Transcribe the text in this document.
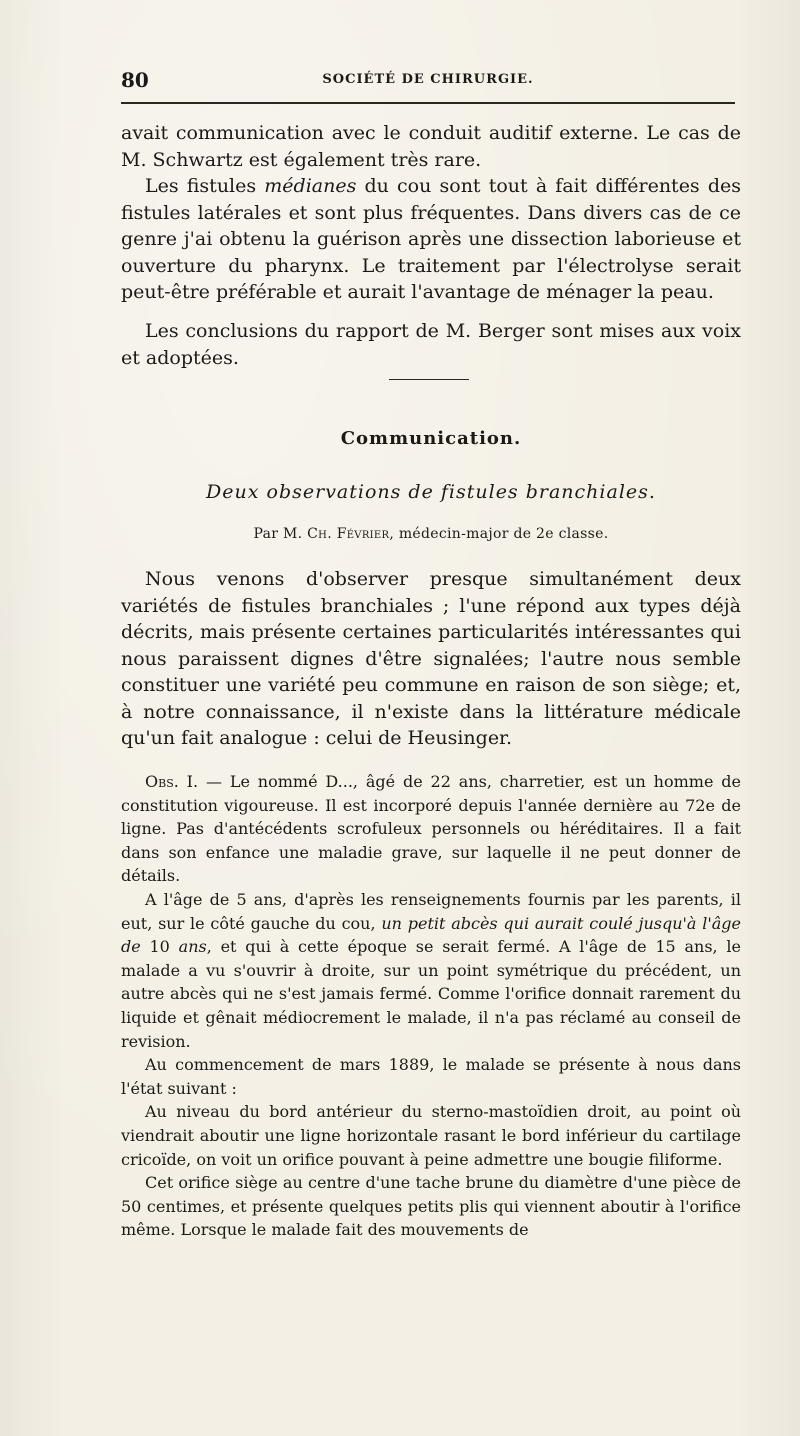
80	SOCIÉTÉ DE CHIRURGIE.

avait communication avec le conduit auditif externe. Le cas de M. Schwartz est également très rare.

Les fistules médianes du cou sont tout à fait différentes des fistules latérales et sont plus fréquentes. Dans divers cas de ce genre j'ai obtenu la guérison après une dissection laborieuse et ouverture du pharynx. Le traitement par l'électrolyse serait peut-être préférable et aurait l'avantage de ménager la peau.

Les conclusions du rapport de M. Berger sont mises aux voix et adoptées.

Communication.
Deux observations de fistules branchiales.
Par M. Ch. Février, médecin-major de 2e classe.

Nous venons d'observer presque simultanément deux variétés de fistules branchiales ; l'une répond aux types déjà décrits, mais présente certaines particularités intéressantes qui nous paraissent dignes d'être signalées; l'autre nous semble constituer une variété peu commune en raison de son siège; et, à notre connaissance, il n'existe dans la littérature médicale qu'un fait analogue : celui de Heusinger.

Obs. I. — Le nommé D..., âgé de 22 ans, charretier, est un homme de constitution vigoureuse. Il est incorporé depuis l'année dernière au 72e de ligne. Pas d'antécédents scrofuleux personnels ou héréditaires. Il a fait dans son enfance une maladie grave, sur laquelle il ne peut donner de détails.

A l'âge de 5 ans, d'après les renseignements fournis par les parents, il eut, sur le côté gauche du cou, un petit abcès qui aurait coulé jusqu'à l'âge de 10 ans, et qui à cette époque se serait fermé. A l'âge de 15 ans, le malade a vu s'ouvrir à droite, sur un point symétrique du précédent, un autre abcès qui ne s'est jamais fermé. Comme l'orifice donnait rarement du liquide et gênait médiocrement le malade, il n'a pas réclamé au conseil de revision.

Au commencement de mars 1889, le malade se présente à nous dans l'état suivant :

Au niveau du bord antérieur du sterno-mastoïdien droit, au point où viendrait aboutir une ligne horizontale rasant le bord inférieur du cartilage cricoïde, on voit un orifice pouvant à peine admettre une bougie filiforme.

Cet orifice siège au centre d'une tache brune du diamètre d'une pièce de 50 centimes, et présente quelques petits plis qui viennent aboutir à l'orifice même. Lorsque le malade fait des mouvements de
